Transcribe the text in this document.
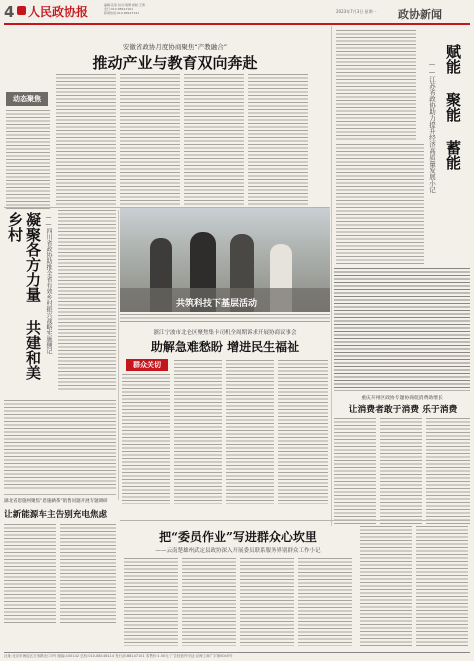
4 人民政协报	编辑:张曼 校对:胡博 排版:王勇
发行:010-88147101
新闻热线:010-88147141	2023年7月3日 星期一 政协新闻
安徽省政协月度协商聚焦“产教融合”
推动产业与教育双向奔赴
动态聚焦
凝聚各方力量 共建和美乡村	——四川省政协助推全省有效乡村振兴战略实施侧记	共筑科技下基层活动
浙江宁波市北仑区聚焦集卡司机全周期诉求开展协商议事会
助解急难愁盼 增进民生福祉
群众关切
湖北省恩施州聚焦“恩施硒茶”销售问题开展专题调研
让新能源车主告别充电焦虑
赋能 聚能 蓄能
——江苏省政协助力提升经济高质量发展小记
重庆开州区政协专题协商促消费助增长
让消费者敢于消费 乐于消费
把“委员作业”写进群众心坎里
——云南楚雄州武定县政协深入开展委员联系服务界别群众工作小记
社址:北京市海淀区万寿路北口3号 邮编:100142 总机:010-88146114 发行部:88147101 零售价:1.50元 广告经营许可证:京海工商广字第0045号
